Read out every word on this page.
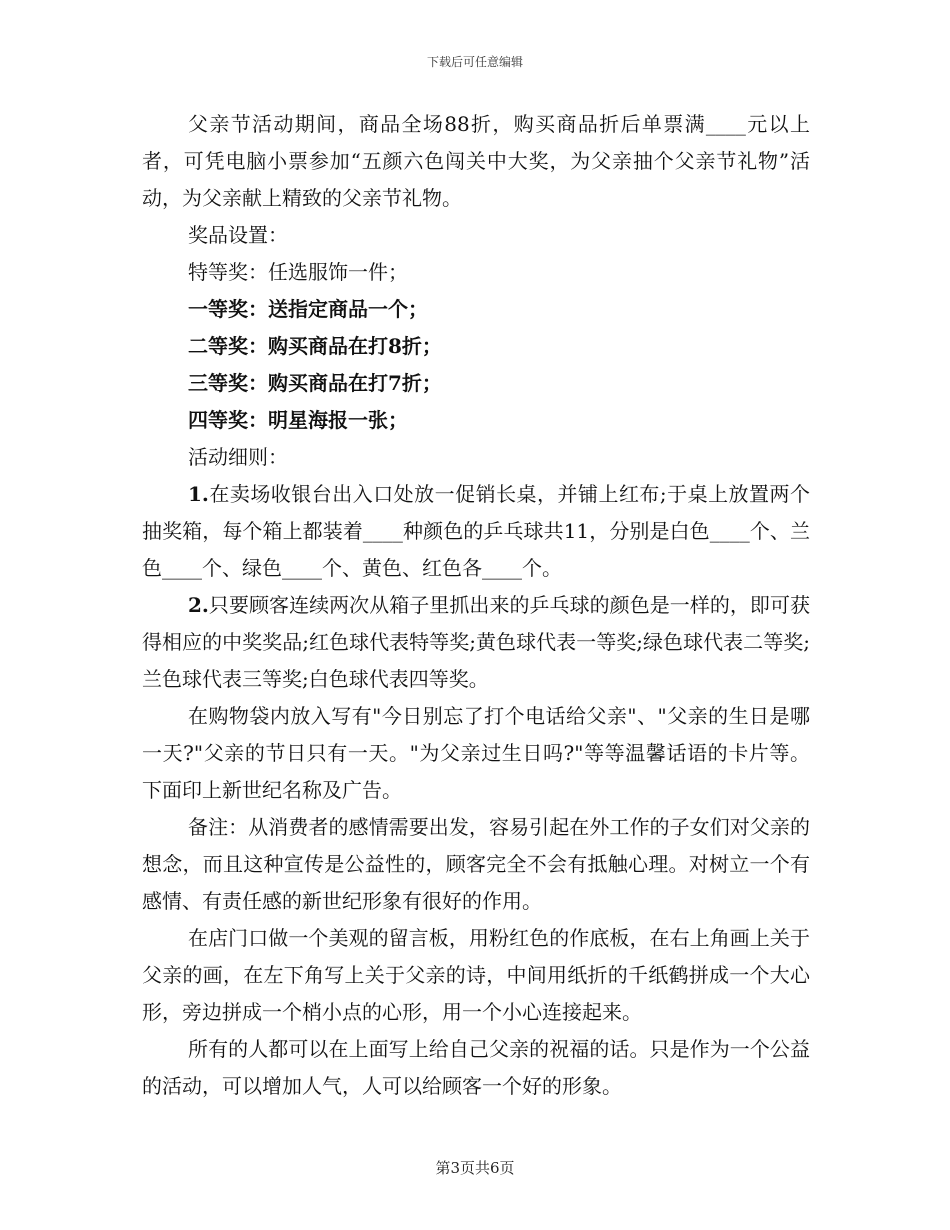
下载后可任意编辑

父亲节活动期间，商品全场88折，购买商品折后单票满____元以上者，可凭电脑小票参加“五颜六色闯关中大奖，为父亲抽个父亲节礼物”活动，为父亲献上精致的父亲节礼物。

奖品设置：

特等奖：任选服饰一件；

一等奖：送指定商品一个；

二等奖：购买商品在打8折；

三等奖：购买商品在打7折；

四等奖：明星海报一张；

活动细则：

1.在卖场收银台出入口处放一促销长桌，并铺上红布;于桌上放置两个抽奖箱，每个箱上都装着____种颜色的乒乓球共11，分别是白色____个、兰色____个、绿色____个、黄色、红色各____个。

2.只要顾客连续两次从箱子里抓出来的乒乓球的颜色是一样的，即可获得相应的中奖奖品;红色球代表特等奖;黄色球代表一等奖;绿色球代表二等奖;兰色球代表三等奖;白色球代表四等奖。

在购物袋内放入写有"今日别忘了打个电话给父亲"、"父亲的生日是哪一天?"父亲的节日只有一天。"为父亲过生日吗?"等等温馨话语的卡片等。下面印上新世纪名称及广告。

备注：从消费者的感情需要出发，容易引起在外工作的子女们对父亲的想念，而且这种宣传是公益性的，顾客完全不会有抵触心理。对树立一个有感情、有责任感的新世纪形象有很好的作用。

在店门口做一个美观的留言板，用粉红色的作底板，在右上角画上关于父亲的画，在左下角写上关于父亲的诗，中间用纸折的千纸鹤拼成一个大心形，旁边拼成一个梢小点的心形，用一个小心连接起来。

所有的人都可以在上面写上给自己父亲的祝福的话。只是作为一个公益的活动，可以增加人气，人可以给顾客一个好的形象。

第3页共6页
